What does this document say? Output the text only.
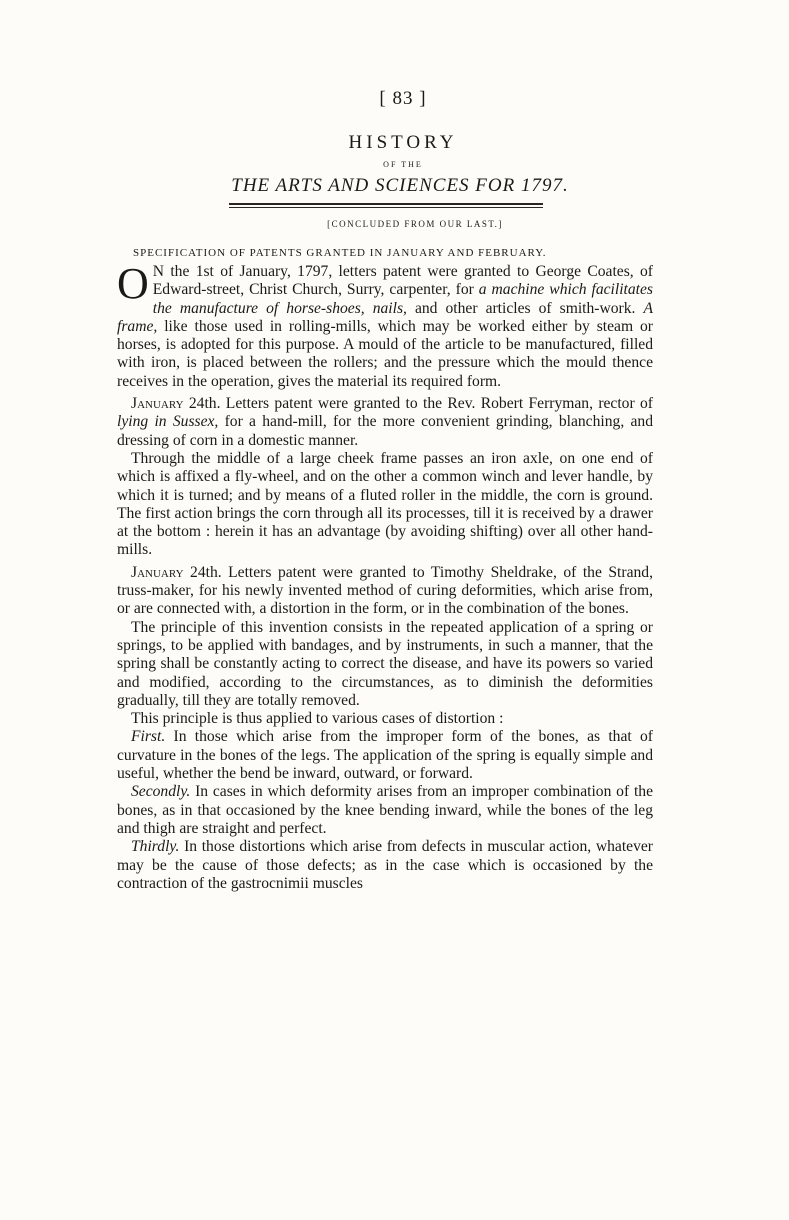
[ 83 ]
HISTORY
OF THE
THE ARTS AND SCIENCES FOR 1797.
[CONCLUDED FROM OUR LAST.]
SPECIFICATION OF PATENTS GRANTED IN JANUARY AND FEBRUARY.

O N the 1st of January, 1797, letters patent were granted to George Coates, of Edward-street, Christ Church, Surry, carpenter, for a machine which facilitates the manufacture of horse-shoes, nails, and other articles of smith-work. A frame, like those used in rolling-mills, which may be worked either by steam or horses, is adopted for this purpose. A mould of the article to be manufactured, filled with iron, is placed between the rollers; and the pressure which the mould thence receives in the operation, gives the material its required form.

January 24th. Letters patent were granted to the Rev. Robert Ferryman, rector of lying in Sussex, for a hand-mill, for the more convenient grinding, blanching, and dressing of corn in a domestic manner.

Through the middle of a large cheek frame passes an iron axle, on one end of which is affixed a fly-wheel, and on the other a common winch and lever handle, by which it is turned; and by means of a fluted roller in the middle, the corn is ground. The first action brings the corn through all its processes, till it is received by a drawer at the bottom : herein it has an advantage (by avoiding shifting) over all other hand-mills.

January 24th. Letters patent were granted to Timothy Sheldrake, of the Strand, truss-maker, for his newly invented method of curing deformities, which arise from, or are connected with, a distortion in the form, or in the combination of the bones.

The principle of this invention consists in the repeated application of a spring or springs, to be applied with bandages, and by instruments, in such a manner, that the spring shall be constantly acting to correct the disease, and have its powers so varied and modified, according to the circumstances, as to diminish the deformities gradually, till they are totally removed.

This principle is thus applied to various cases of distortion :

First. In those which arise from the improper form of the bones, as that of curvature in the bones of the legs. The application of the spring is equally simple and useful, whether the bend be inward, outward, or forward.

Secondly. In cases in which deformity arises from an improper combination of the bones, as in that occasioned by the knee bending inward, while the bones of the leg and thigh are straight and perfect.

Thirdly. In those distortions which arise from defects in muscular action, whatever may be the cause of those defects; as in the case which is occasioned by the contraction of the gastrocnimii muscles
